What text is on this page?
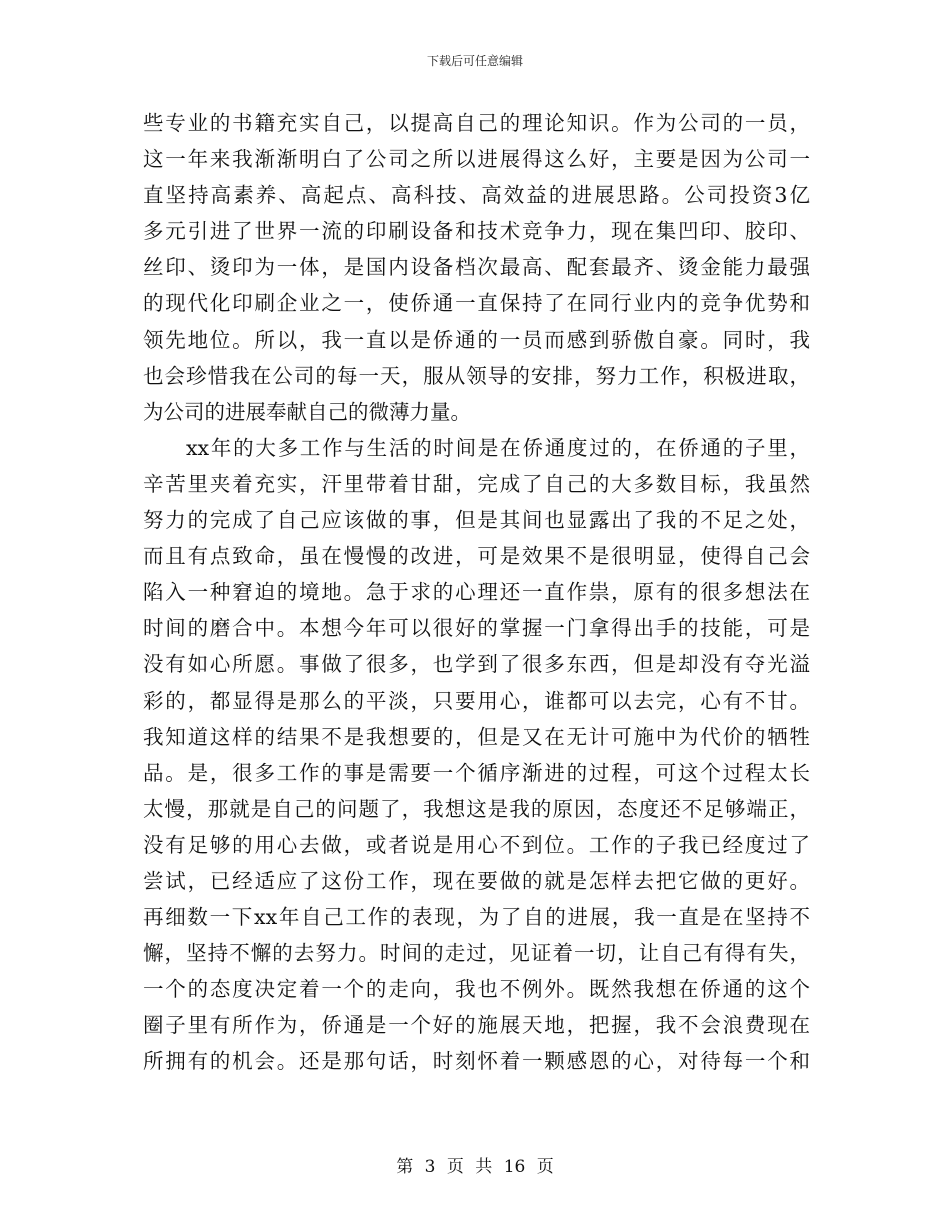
下载后可任意编辑
些专业的书籍充实自己，以提高自己的理论知识。作为公司的一员，
这一年来我渐渐明白了公司之所以进展得这么好，主要是因为公司一
直坚持高素养、高起点、高科技、高效益的进展思路。公司投资3亿
多元引进了世界一流的印刷设备和技术竞争力，现在集凹印、胶印、
丝印、烫印为一体，是国内设备档次最高、配套最齐、烫金能力最强
的现代化印刷企业之一，使侨通一直保持了在同行业内的竞争优势和
领先地位。所以，我一直以是侨通的一员而感到骄傲自豪。同时，我
也会珍惜我在公司的每一天，服从领导的安排，努力工作，积极进取，
为公司的进展奉献自己的微薄力量。
xx年的大多工作与生活的时间是在侨通度过的，在侨通的子里，
辛苦里夹着充实，汗里带着甘甜，完成了自己的大多数目标，我虽然
努力的完成了自己应该做的事，但是其间也显露出了我的不足之处，
而且有点致命，虽在慢慢的改进，可是效果不是很明显，使得自己会
陷入一种窘迫的境地。急于求的心理还一直作祟，原有的很多想法在
时间的磨合中。本想今年可以很好的掌握一门拿得出手的技能，可是
没有如心所愿。事做了很多，也学到了很多东西，但是却没有夺光溢
彩的，都显得是那么的平淡，只要用心，谁都可以去完，心有不甘。
我知道这样的结果不是我想要的，但是又在无计可施中为代价的牺牲
品。是，很多工作的事是需要一个循序渐进的过程，可这个过程太长
太慢，那就是自己的问题了，我想这是我的原因，态度还不足够端正，
没有足够的用心去做，或者说是用心不到位。工作的子我已经度过了
尝试，已经适应了这份工作，现在要做的就是怎样去把它做的更好。
再细数一下xx年自己工作的表现，为了自的进展，我一直是在坚持不
懈，坚持不懈的去努力。时间的走过，见证着一切，让自己有得有失，
一个的态度决定着一个的走向，我也不例外。既然我想在侨通的这个
圈子里有所作为，侨通是一个好的施展天地，把握，我不会浪费现在
所拥有的机会。还是那句话，时刻怀着一颗感恩的心，对待每一个和
第 3 页 共 16 页
